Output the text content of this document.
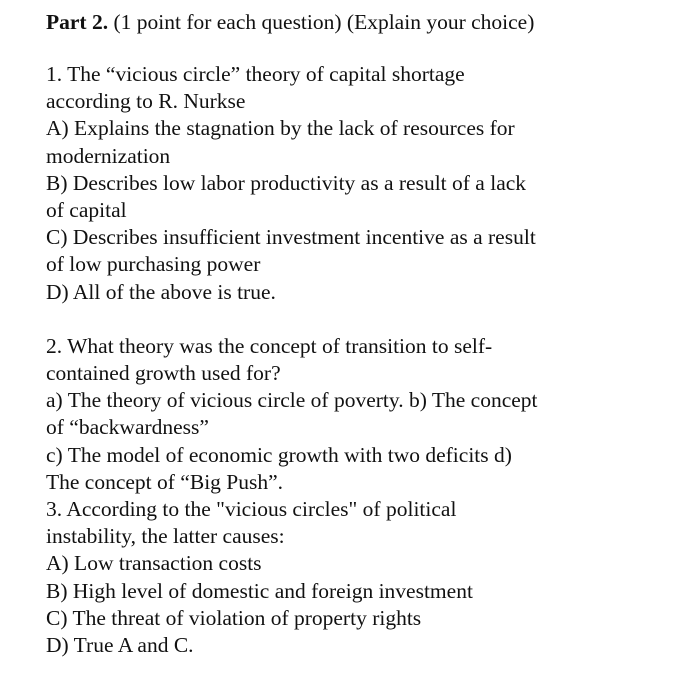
Part 2. (1 point for each question) (Explain your choice)
1. The “vicious circle” theory of capital shortage
according to R. Nurkse
A) Explains the stagnation by the lack of resources for
modernization
B) Describes low labor productivity as a result of a lack
of capital
C) Describes insufficient investment incentive as a result
of low purchasing power
D) All of the above is true.
2. What theory was the concept of transition to self-
contained growth used for?
a) The theory of vicious circle of poverty. b) The concept
of “backwardness”
c) The model of economic growth with two deficits d)
The concept of “Big Push”.
3. According to the "vicious circles" of political
instability, the latter causes:
A) Low transaction costs
B) High level of domestic and foreign investment
C) The threat of violation of property rights
D) True A and C.
